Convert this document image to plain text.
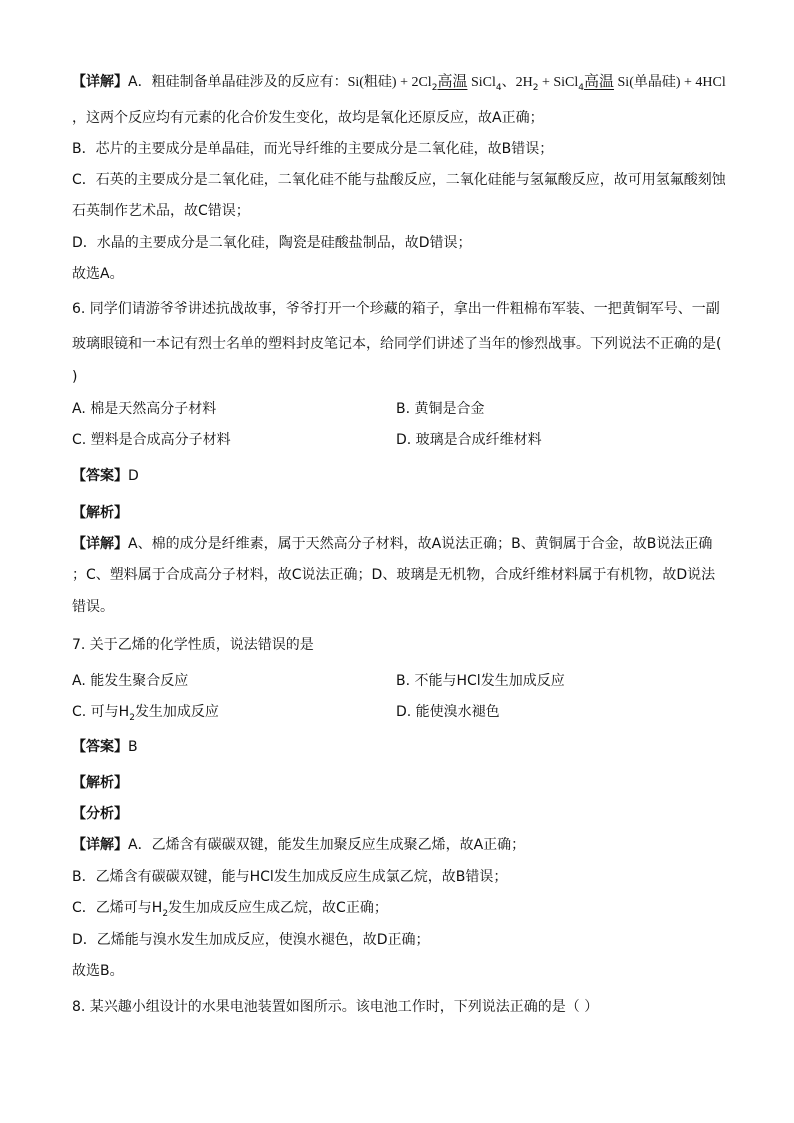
【详解】A．粗硅制备单晶硅涉及的反应有：Si(粗硅) + $2Cl_2$高温 SiCl$_4$、$2H_2$ + SiCl$_4$高温 Si(单晶硅) + 4HCl
，这两个反应均有元素的化合价发生变化，故均是氧化还原反应，故A正确；
B．芯片的主要成分是单晶硅，而光导纤维的主要成分是二氧化硅，故B错误；
C．石英的主要成分是二氧化硅，二氧化硅不能与盐酸反应，二氧化硅能与氢氟酸反应，故可用氢氟酸刻蚀
石英制作艺术品，故C错误；
D．水晶的主要成分是二氧化硅，陶瓷是硅酸盐制品，故D错误；
故选A。
6. 同学们请游爷爷讲述抗战故事，爷爷打开一个珍藏的箱子，拿出一件粗棉布军装、一把黄铜军号、一副
玻璃眼镜和一本记有烈士名单的塑料封皮笔记本，给同学们讲述了当年的惨烈战事。下列说法不正确的是(
)
A. 棉是天然高分子材料	B. 黄铜是合金
C. 塑料是合成高分子材料	D. 玻璃是合成纤维材料
【答案】D
【解析】
【详解】A、棉的成分是纤维素，属于天然高分子材料，故A说法正确；B、黄铜属于合金，故B说法正确
；C、塑料属于合成高分子材料，故C说法正确；D、玻璃是无机物，合成纤维材料属于有机物，故D说法
错误。
7. 关于乙烯的化学性质，说法错误的是
A. 能发生聚合反应	B. 不能与HCl发生加成反应
C. 可与$H_2$发生加成反应	D. 能使溴水褪色
【答案】B
【解析】
【分析】
【详解】A．乙烯含有碳碳双键，能发生加聚反应生成聚乙烯，故A正确；
B．乙烯含有碳碳双键，能与HCl发生加成反应生成氯乙烷，故B错误；
C．乙烯可与$H_2$发生加成反应生成乙烷，故C正确；
D．乙烯能与溴水发生加成反应，使溴水褪色，故D正确；
故选B。
8. 某兴趣小组设计的水果电池装置如图所示。该电池工作时，下列说法正确的是（ ）
